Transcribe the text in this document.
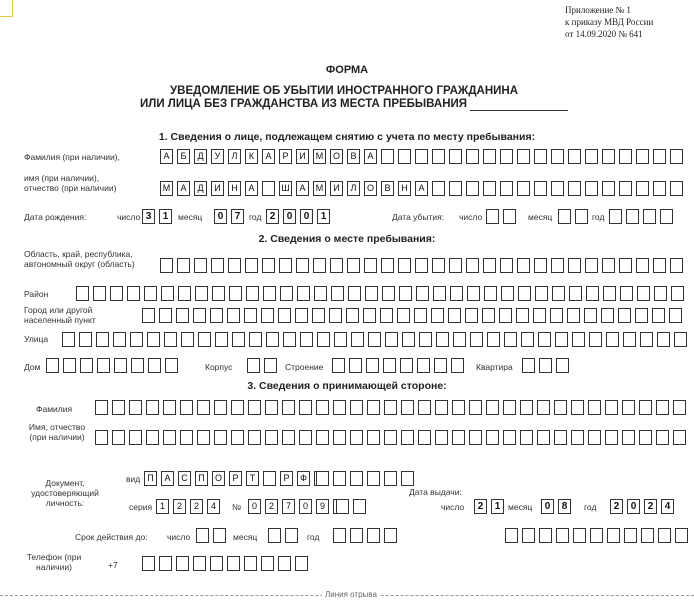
Приложение № 1
к приказу МВД России
от 14.09.2020 № 641
ФОРМА
УВЕДОМЛЕНИЕ ОБ УБЫТИИ ИНОСТРАННОГО ГРАЖДАНИНА
ИЛИ ЛИЦА БЕЗ ГРАЖДАНСТВА ИЗ МЕСТА ПРЕБЫВАНИЯ
1. Сведения о лице, подлежащем снятию с учета по месту пребывания:
Фамилия (при наличии),	А	Б	Д	У	Л	К	А	Р	И	М	О	В	А
имя (при наличии), отчество (при наличии)	М	А	Д	И	Н	А	Ш	А	М	И	Л	О	В	Н	А
Дата рождения:	число 3	1	месяц	0	7	год 2	0	0	1	Дата убытия: число	месяц	год
2. Сведения о месте пребывания:
Область, край, республика, автономный округ (область)
Район
Город или другой населенный пункт
Улица
Дом	Корпус	Строение	Квартира
3. Сведения о принимающей стороне:
Фамилия
Имя, отчество (при наличии)
Документ, удостоверяющий личность:
вид П	А	С	П	О	Р	Т	Р	Ф
серия 1	2	2	4	№	0	2	7	0	9
Дата выдачи:
число	2	1 месяц	0	8	год	2	0	2	4
Срок действия до: число	месяц	год
Телефон (при наличии)	+7
Линия отрыва
